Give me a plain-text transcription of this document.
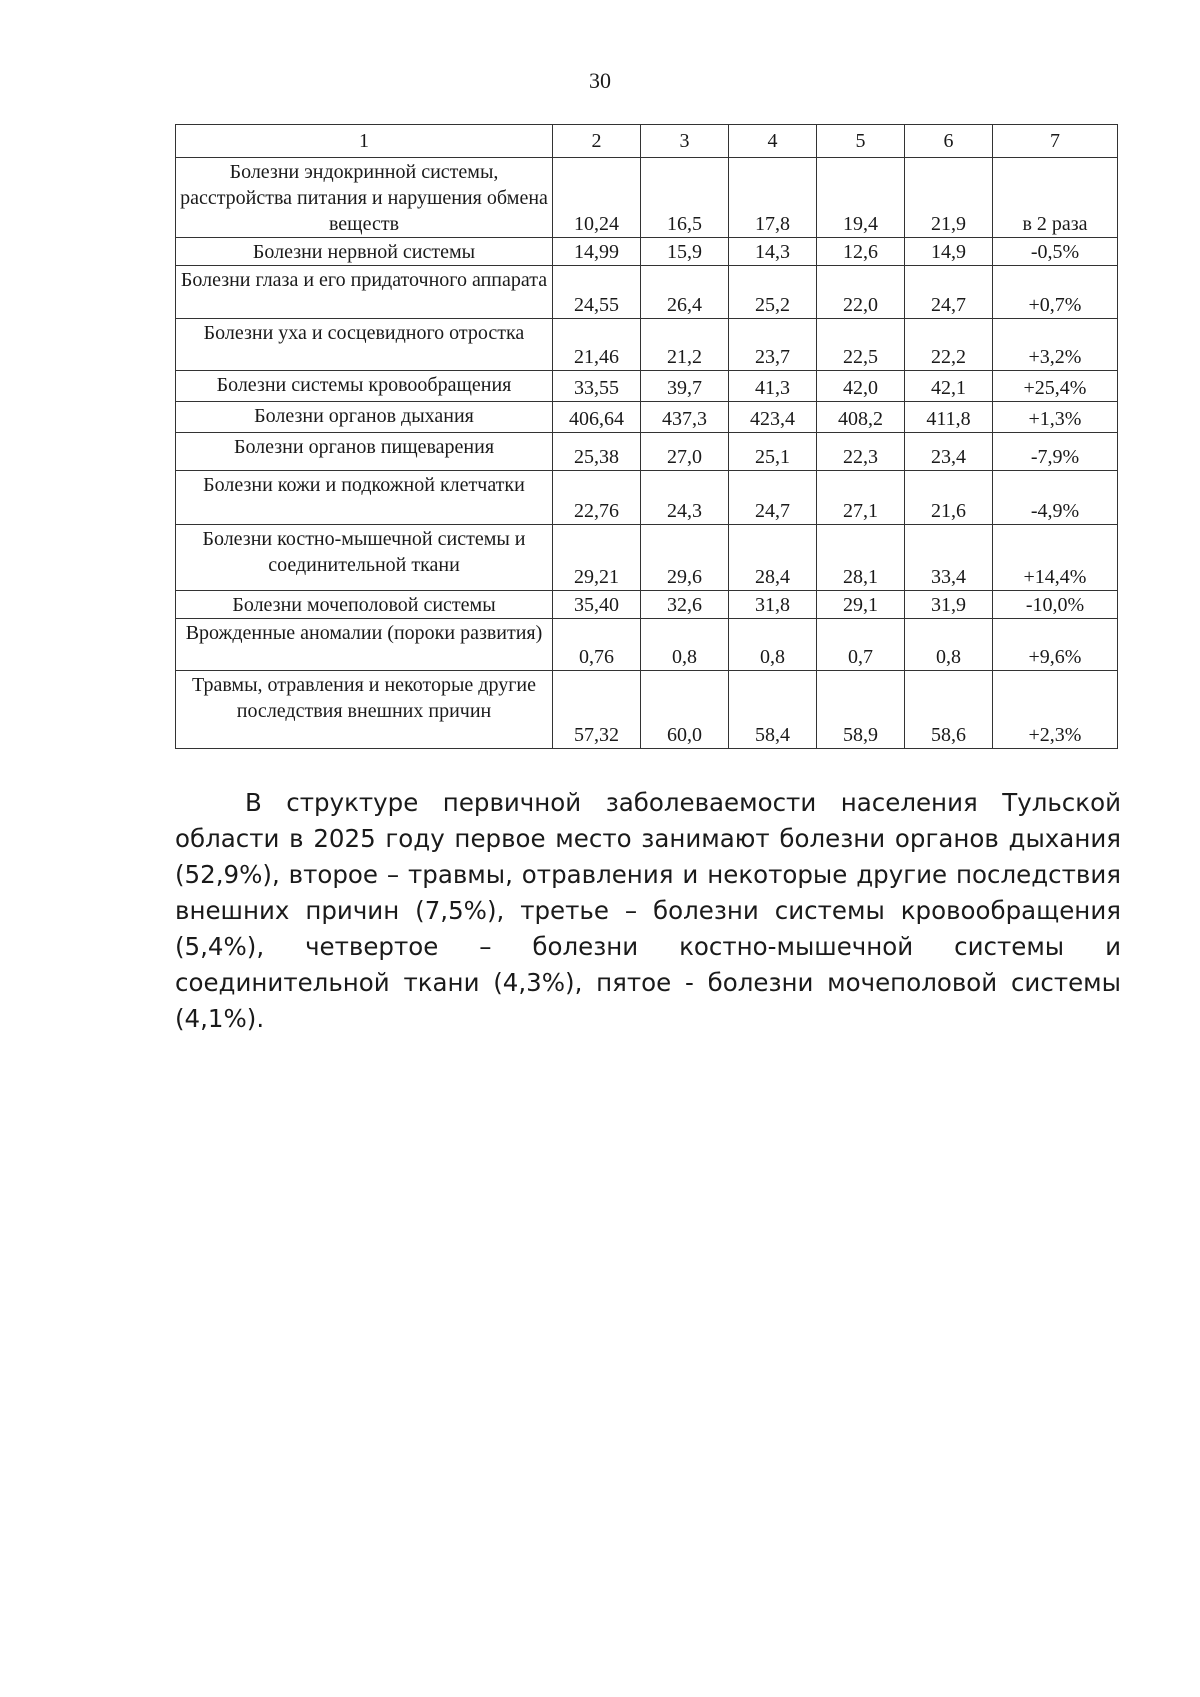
30
1	2	3	4	5	6	7
Болезни эндокринной системы, расстройства питания и нарушения обмена веществ	10,24	16,5	17,8	19,4	21,9	в 2 раза
Болезни нервной системы	14,99	15,9	14,3	12,6	14,9	-0,5%
Болезни глаза и его придаточного аппарата	24,55	26,4	25,2	22,0	24,7	+0,7%
Болезни уха и сосцевидного отростка	21,46	21,2	23,7	22,5	22,2	+3,2%
Болезни системы кровообращения	33,55	39,7	41,3	42,0	42,1	+25,4%
Болезни органов дыхания	406,64	437,3	423,4	408,2	411,8	+1,3%
Болезни органов пищеварения	25,38	27,0	25,1	22,3	23,4	-7,9%
Болезни кожи и подкожной клетчатки	22,76	24,3	24,7	27,1	21,6	-4,9%
Болезни костно-мышечной системы и соединительной ткани	29,21	29,6	28,4	28,1	33,4	+14,4%
Болезни мочеполовой системы	35,40	32,6	31,8	29,1	31,9	-10,0%
Врожденные аномалии (пороки развития)	0,76	0,8	0,8	0,7	0,8	+9,6%
Травмы, отравления и некоторые другие последствия внешних причин	57,32	60,0	58,4	58,9	58,6	+2,3%

В структуре первичной заболеваемости населения Тульской области в 2025 году первое место занимают болезни органов дыхания (52,9%), второе – травмы, отравления и некоторые другие последствия внешних причин (7,5%), третье – болезни системы кровообращения (5,4%), четвертое – болезни костно-мышечной системы и соединительной ткани (4,3%), пятое - болезни мочеполовой системы (4,1%).
